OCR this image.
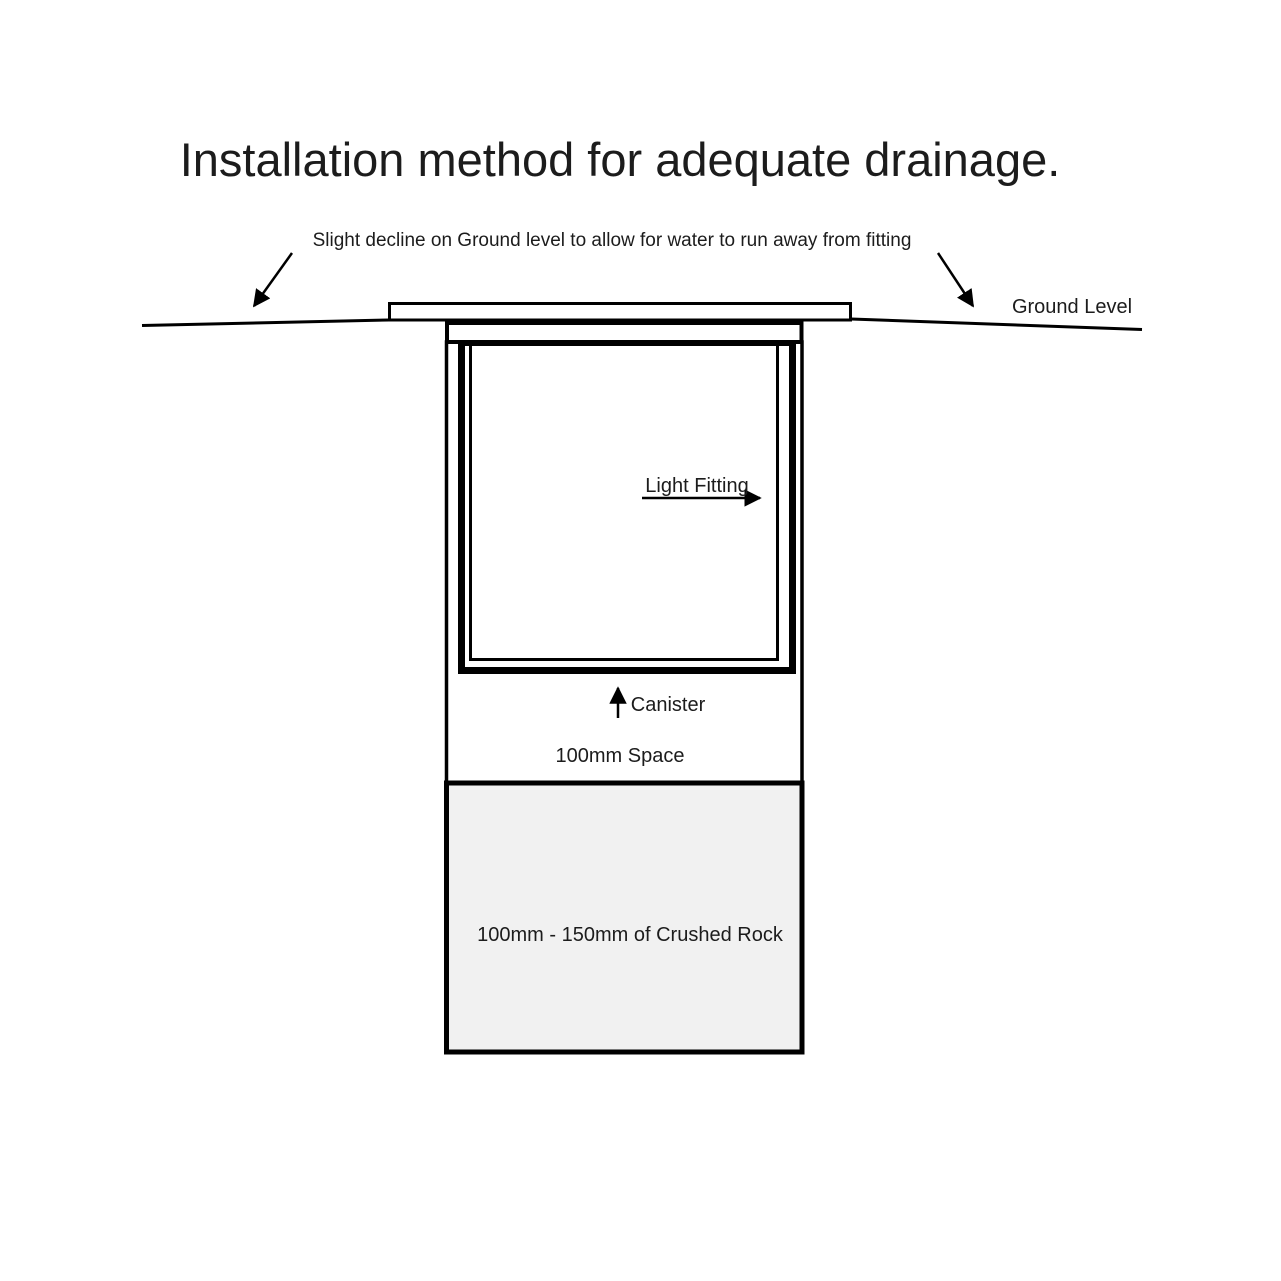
Installation method for adequate drainage.
Slight decline on Ground level to allow for water to run away from fitting
Ground Level
Light Fitting
Canister
100mm Space
100mm - 150mm of Crushed Rock
